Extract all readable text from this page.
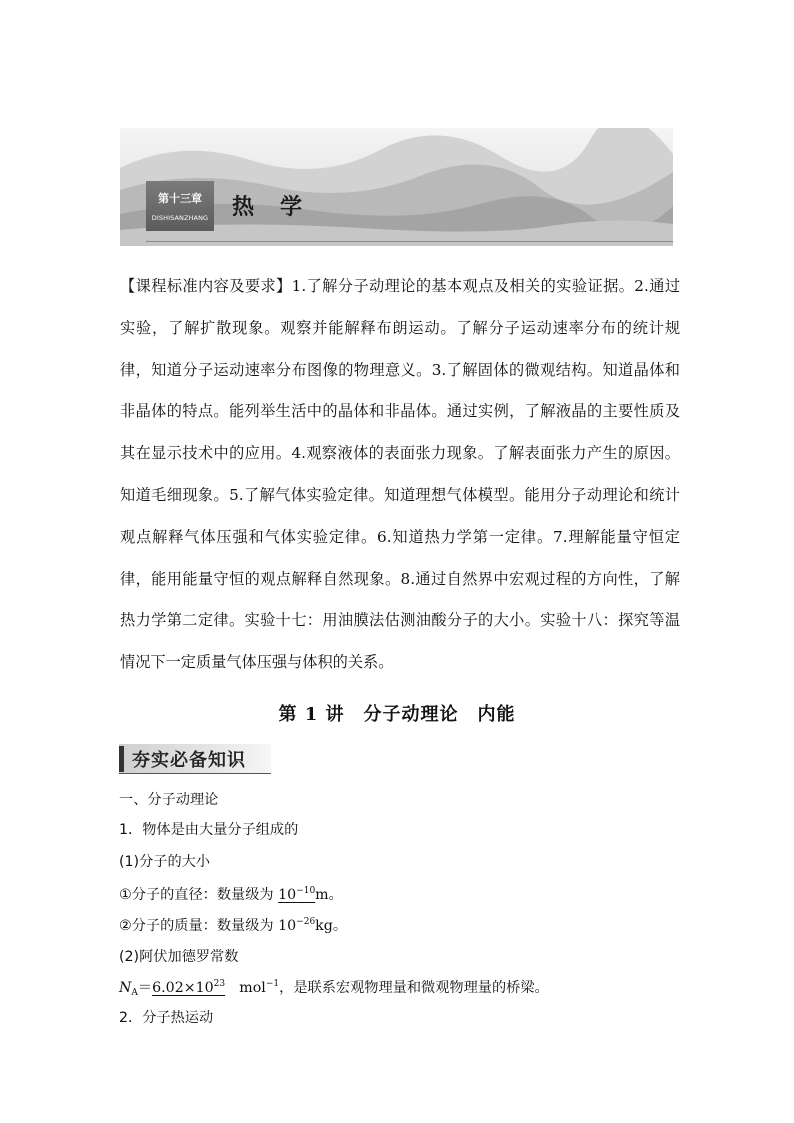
第十三章
DISHISANZHANG 热学
【课程标准内容及要求】1.了解分子动理论的基本观点及相关的实验证据。2.通过实验，了解扩散现象。观察并能解释布朗运动。了解分子运动速率分布的统计规律，知道分子运动速率分布图像的物理意义。3.了解固体的微观结构。知道晶体和非晶体的特点。能列举生活中的晶体和非晶体。通过实例，了解液晶的主要性质及其在显示技术中的应用。4.观察液体的表面张力现象。了解表面张力产生的原因。知道毛细现象。5.了解气体实验定律。知道理想气体模型。能用分子动理论和统计观点解释气体压强和气体实验定律。6.知道热力学第一定律。7.理解能量守恒定律，能用能量守恒的观点解释自然现象。8.通过自然界中宏观过程的方向性，了解热力学第二定律。实验十七：用油膜法估测油酸分子的大小。实验十八：探究等温情况下一定质量气体压强与体积的关系。
第 1 讲　分子动理论　内能
夯实必备知识
一、分子动理论
1．物体是由大量分子组成的
(1)分子的大小
①分子的直径：数量级为 $10^{-10}m$。
②分子的质量：数量级为 $10^{-26}kg$。
(2)阿伏加德罗常数
$N_A=6.02\times 10^{23}$　mol$^{-1}$，是联系宏观物理量和微观物理量的桥梁。
2．分子热运动
